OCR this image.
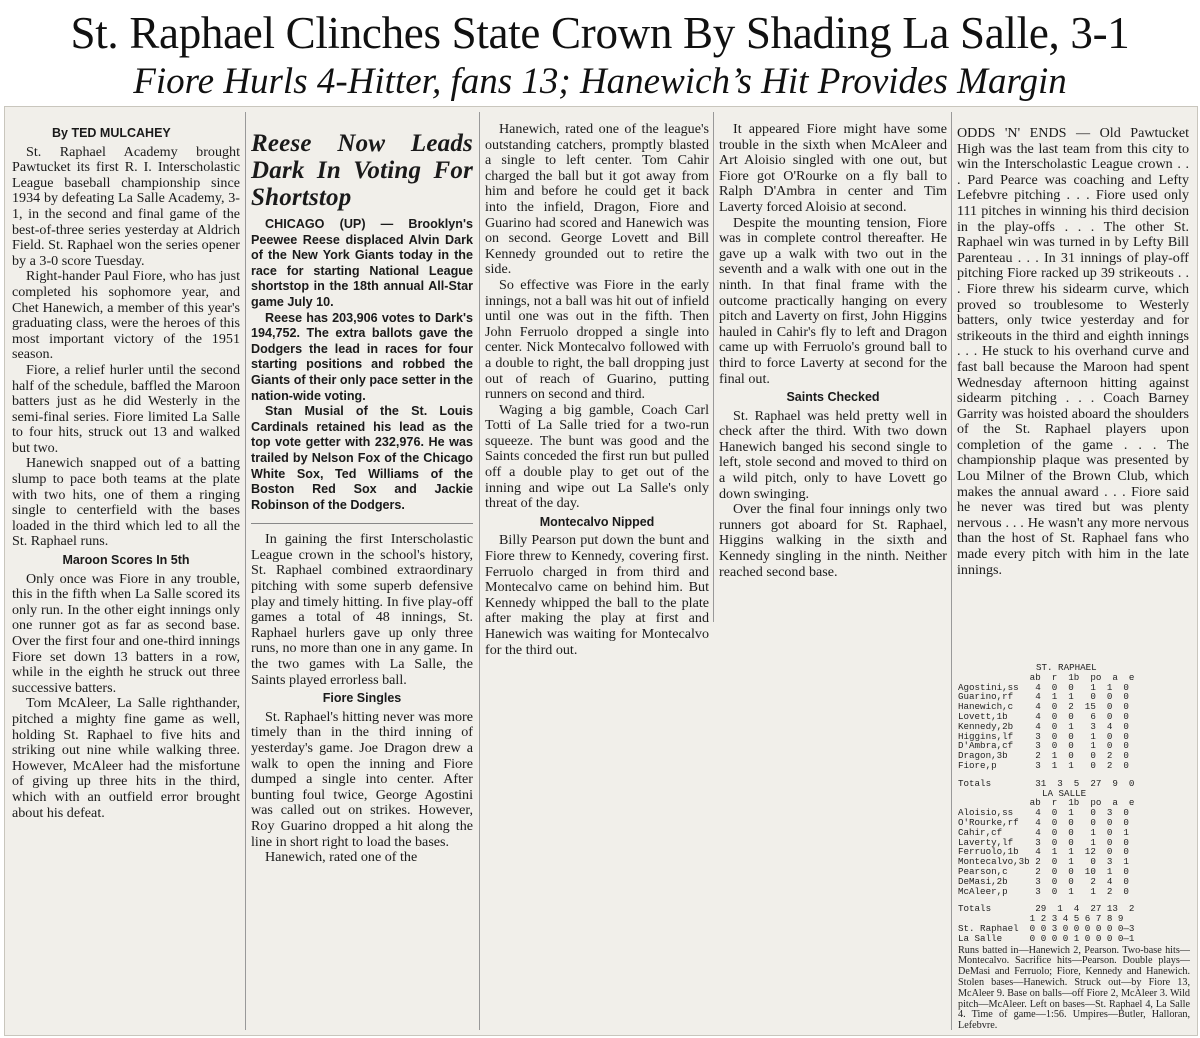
St. Raphael Clinches State Crown By Shading La Salle, 3-1
Fiore Hurls 4-Hitter, fans 13; Hanewich’s Hit Provides Margin

By TED MULCAHEY

St. Raphael Academy brought Pawtucket its first R. I. Interscholastic League baseball championship since 1934 by defeating La Salle Academy, 3-1, in the second and final game of the best-of-three series yesterday at Aldrich Field. St. Raphael won the series opener by a 3-0 score Tuesday.

Right-hander Paul Fiore, who has just completed his sophomore year, and Chet Hanewich, a member of this year's graduating class, were the heroes of this most important victory of the 1951 season.

Fiore, a relief hurler until the second half of the schedule, baffled the Maroon batters just as he did Westerly in the semi-final series. Fiore limited La Salle to four hits, struck out 13 and walked but two.

Hanewich snapped out of a batting slump to pace both teams at the plate with two hits, one of them a ringing single to centerfield with the bases loaded in the third which led to all the St. Raphael runs.

Maroon Scores In 5th

Only once was Fiore in any trouble, this in the fifth when La Salle scored its only run. In the other eight innings only one runner got as far as second base. Over the first four and one-third innings Fiore set down 13 batters in a row, while in the eighth he struck out three successive batters.

Tom McAleer, La Salle righthander, pitched a mighty fine game as well, holding St. Raphael to five hits and striking out nine while walking three. However, McAleer had the misfortune of giving up three hits in the third, which with an outfield error brought about his defeat.

Reese Now Leads Dark In Voting For Shortstop

CHICAGO (UP) — Brooklyn's Peewee Reese displaced Alvin Dark of the New York Giants today in the race for starting National League shortstop in the 18th annual All-Star game July 10.

Reese has 203,906 votes to Dark's 194,752. The extra ballots gave the Dodgers the lead in races for four starting positions and robbed the Giants of their only pace setter in the nation-wide voting.

Stan Musial of the St. Louis Cardinals retained his lead as the top vote getter with 232,976. He was trailed by Nelson Fox of the Chicago White Sox, Ted Williams of the Boston Red Sox and Jackie Robinson of the Dodgers.

In gaining the first Interscholastic League crown in the school's history, St. Raphael combined extraordinary pitching with some superb defensive play and timely hitting. In five play-off games a total of 48 innings, St. Raphael hurlers gave up only three runs, no more than one in any game. In the two games with La Salle, the Saints played errorless ball.

Fiore Singles

St. Raphael's hitting never was more timely than in the third inning of yesterday's game. Joe Dragon drew a walk to open the inning and Fiore dumped a single into center. After bunting foul twice, George Agostini was called out on strikes. However, Roy Guarino dropped a hit along the line in short right to load the bases.

Hanewich, rated one of the

Hanewich, rated one of the league's outstanding catchers, promptly blasted a single to left center. Tom Cahir charged the ball but it got away from him and before he could get it back into the infield, Dragon, Fiore and Guarino had scored and Hanewich was on second. George Lovett and Bill Kennedy grounded out to retire the side.

So effective was Fiore in the early innings, not a ball was hit out of infield until one was out in the fifth. Then John Ferruolo dropped a single into center. Nick Montecalvo followed with a double to right, the ball dropping just out of reach of Guarino, putting runners on second and third.

Waging a big gamble, Coach Carl Totti of La Salle tried for a two-run squeeze. The bunt was good and the Saints conceded the first run but pulled off a double play to get out of the inning and wipe out La Salle's only threat of the day.

Montecalvo Nipped

Billy Pearson put down the bunt and Fiore threw to Kennedy, covering first. Ferruolo charged in from third and Montecalvo came on behind him. But Kennedy whipped the ball to the plate after making the play at first and Hanewich was waiting for Montecalvo for the third out.

It appeared Fiore might have some trouble in the sixth when McAleer and Art Aloisio singled with one out, but Fiore got O'Rourke on a fly ball to Ralph D'Ambra in center and Tim Laverty forced Aloisio at second.

Despite the mounting tension, Fiore was in complete control thereafter. He gave up a walk with two out in the seventh and a walk with one out in the ninth. In that final frame with the outcome practically hanging on every pitch and Laverty on first, John Higgins hauled in Cahir's fly to left and Dragon came up with Ferruolo's ground ball to third to force Laverty at second for the final out.

Saints Checked

St. Raphael was held pretty well in check after the third. With two down Hanewich banged his second single to left, stole second and moved to third on a wild pitch, only to have Lovett go down swinging.

Over the final four innings only two runners got aboard for St. Raphael, Higgins walking in the sixth and Kennedy singling in the ninth. Neither reached second base.

ODDS 'N' ENDS — Old Pawtucket High was the last team from this city to win the Interscholastic League crown . . . Pard Pearce was coaching and Lefty Lefebvre pitching . . . Fiore used only 111 pitches in winning his third decision in the play-offs . . . The other St. Raphael win was turned in by Lefty Bill Parenteau . . . In 31 innings of play-off pitching Fiore racked up 39 strikeouts . . . Fiore threw his sidearm curve, which proved so troublesome to Westerly batters, only twice yesterday and for strikeouts in the third and eighth innings . . . He stuck to his overhand curve and fast ball because the Maroon had spent Wednesday afternoon hitting against sidearm pitching . . . Coach Barney Garrity was hoisted aboard the shoulders of the St. Raphael players upon completion of the game . . . The championship plaque was presented by Lou Milner of the Brown Club, which makes the annual award . . . Fiore said he never was tired but was plenty nervous . . . He wasn't any more nervous than the host of St. Raphael fans who made every pitch with him in the late innings.

ST. RAPHAEL
ab  r  1b  po  a  e
Agostini,ss   4  0  0   1  1  0
Guarino,rf    4  1  1   0  0  0
Hanewich,c    4  0  2  15  0  0
Lovett,1b     4  0  0   6  0  0
Kennedy,2b    4  0  1   3  4  0
Higgins,lf    3  0  0   1  0  0
D'Ambra,cf    3  0  0   1  0  0
Dragon,3b     2  1  0   0  2  0
Fiore,p       3  1  1   0  2  0
Totals        31  3  5  27  9  0
LA SALLE
ab  r  1b  po  a  e
Aloisio,ss    4  0  1   0  3  0
O'Rourke,rf   4  0  0   0  0  0
Cahir,cf      4  0  0   1  0  1
Laverty,lf    3  0  0   1  0  0
Ferruolo,1b   4  1  1  12  0  0
Montecalvo,3b 2  0  1   0  3  1
Pearson,c     2  0  0  10  1  0
DeMasi,2b     3  0  0   2  4  0
McAleer,p     3  0  1   1  2  0
Totals        29  1  4  27 13  2
1 2 3 4 5 6 7 8 9
St. Raphael  0 0 3 0 0 0 0 0 0—3
La Salle     0 0 0 0 1 0 0 0 0—1
Runs batted in—Hanewich 2, Pearson. Two-base hits—Montecalvo. Sacrifice hits—Pearson. Double plays—DeMasi and Ferruolo; Fiore, Kennedy and Hanewich. Stolen bases—Hanewich. Struck out—by Fiore 13, McAleer 9. Base on balls—off Fiore 2, McAleer 3. Wild pitch—McAleer. Left on bases—St. Raphael 4, La Salle 4. Time of game—1:56. Umpires—Butler, Halloran, Lefebvre.
